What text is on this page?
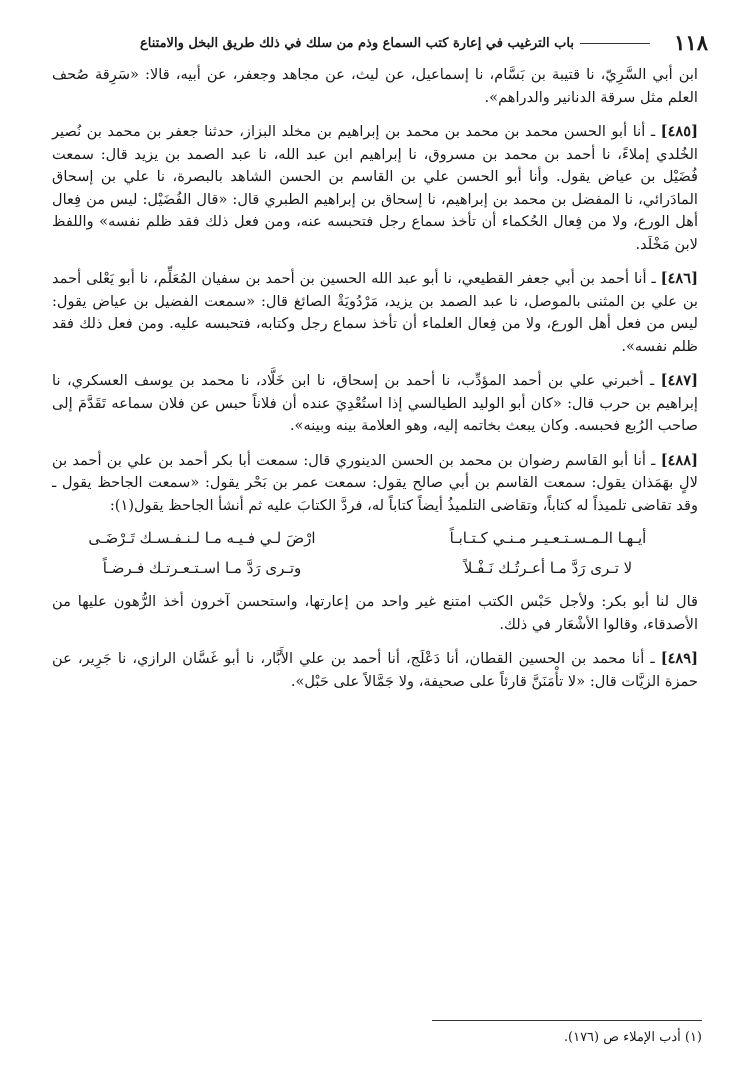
١١٨
باب الترغيب في إعارة كتب السماع وذم من سلك في ذلك طريق البخل والامتناع

ابن أبي السَّرِيّ، نا قتيبة بن بَسَّام، نا إسماعيل، عن ليث، عن مجاهد وجعفر، عن أبيه، قالا: «سَرِقة صُحف العلم مثل سرقة الدنانير والدراهم».

[٤٨٥] ـ أنا أبو الحسن محمد بن محمد بن محمد بن إبراهيم بن مخلد البزاز، حدثنا جعفر بن محمد بن نُصير الخُلدي إملاءً، نا أحمد بن محمد بن مسروق، نا إبراهيم ابن عبد الله، نا عبد الصمد بن يزيد قال: سمعت فُضَيْل بن عياض يقول. وأنا أبو الحسن علي بن القاسم بن الحسن الشاهد بالبصرة، نا علي بن إسحاق المادَرائي، نا المفضل بن محمد بن إبراهيم، نا إسحاق بن إبراهيم الطبري قال: «قال الفُضَيْل: ليس من فِعال أهل الورع، ولا من فِعال الحُكماء أن تأخذ سماع رجل فتحبسه عنه، ومن فعل ذلك فقد ظلم نفسه» واللفظ لابن مَخْلَد.

[٤٨٦] ـ أنا أحمد بن أبي جعفر القطيعي، نا أبو عبد الله الحسين بن أحمد بن سفيان المُعَلِّم، نا أبو يَعْلى أحمد بن علي بن المثنى بالموصل، نا عبد الصمد بن يزيد، مَرْدُويَةْ الصائغ قال: «سمعت الفضيل بن عياض يقول: ليس من فعل أهل الورع، ولا من فِعال العلماء أن تأخذ سماع رجل وكتابه، فتحبسه عليه. ومن فعل ذلك فقد ظلم نفسه».

[٤٨٧] ـ أخبرني علي بن أحمد المؤدِّب، نا أحمد بن إسحاق، نا ابن خَلَّاد، نا محمد بن يوسف العسكري، نا إبراهيم بن حرب قال: «كان أبو الوليد الطيالسي إذا استُعْدِيَ عنده أن فلاناً حبس عن فلان سماعه تَقَدَّمَ إلى صاحب الرُبع فحبسه. وكان يبعث بخاتمه إليه، وهو العلامة بينه وبينه».

[٤٨٨] ـ أنا أبو القاسم رضوان بن محمد بن الحسن الدينوري قال: سمعت أبا بكر أحمد بن علي بن أحمد بن لالٍ بهَمَذان يقول: سمعت القاسم بن أبي صالح يقول: سمعت عمر بن بَحْر يقول: «سمعت الجاحظ يقول ـ وقد تقاضى تلميذاً له كتاباً، وتقاضى التلميذُ أيضاً كتاباً له، فردَّ الكتابَ عليه ثم أنشأ الجاحظ يقول(١):

أيـهـا الـمـسـتـعـيـر مـنـي كـتـابـاً
ارْضَ لـي فـيـه مـا لـنـفـسـك تَـرْضَـى
لا تـرى رَدَّ مـا أعـرتُـك نَـفْـلاً
وتـرى رَدَّ مـا اسـتـعـرتـك فـرضـاً

قال لنا أبو بكر: ولأجل حَبْس الكتب امتنع غير واحد من إعارتها، واستحسن آخرون أخذ الرُّهون عليها من الأصدقاء، وقالوا الأشْعَار في ذلك.

[٤٨٩] ـ أنا محمد بن الحسين القطان، أنا دَعْلَج، أنا أحمد بن علي الأَبَّار، نا أبو غَسَّان الرازي، نا جَرِير، عن حمزة الزيَّات قال: «لا تأْمَنَنَّ قارئاً على صحيفة، ولا جَمَّالاً على حَبْل».

(١) أدب الإملاء ص (١٧٦).
